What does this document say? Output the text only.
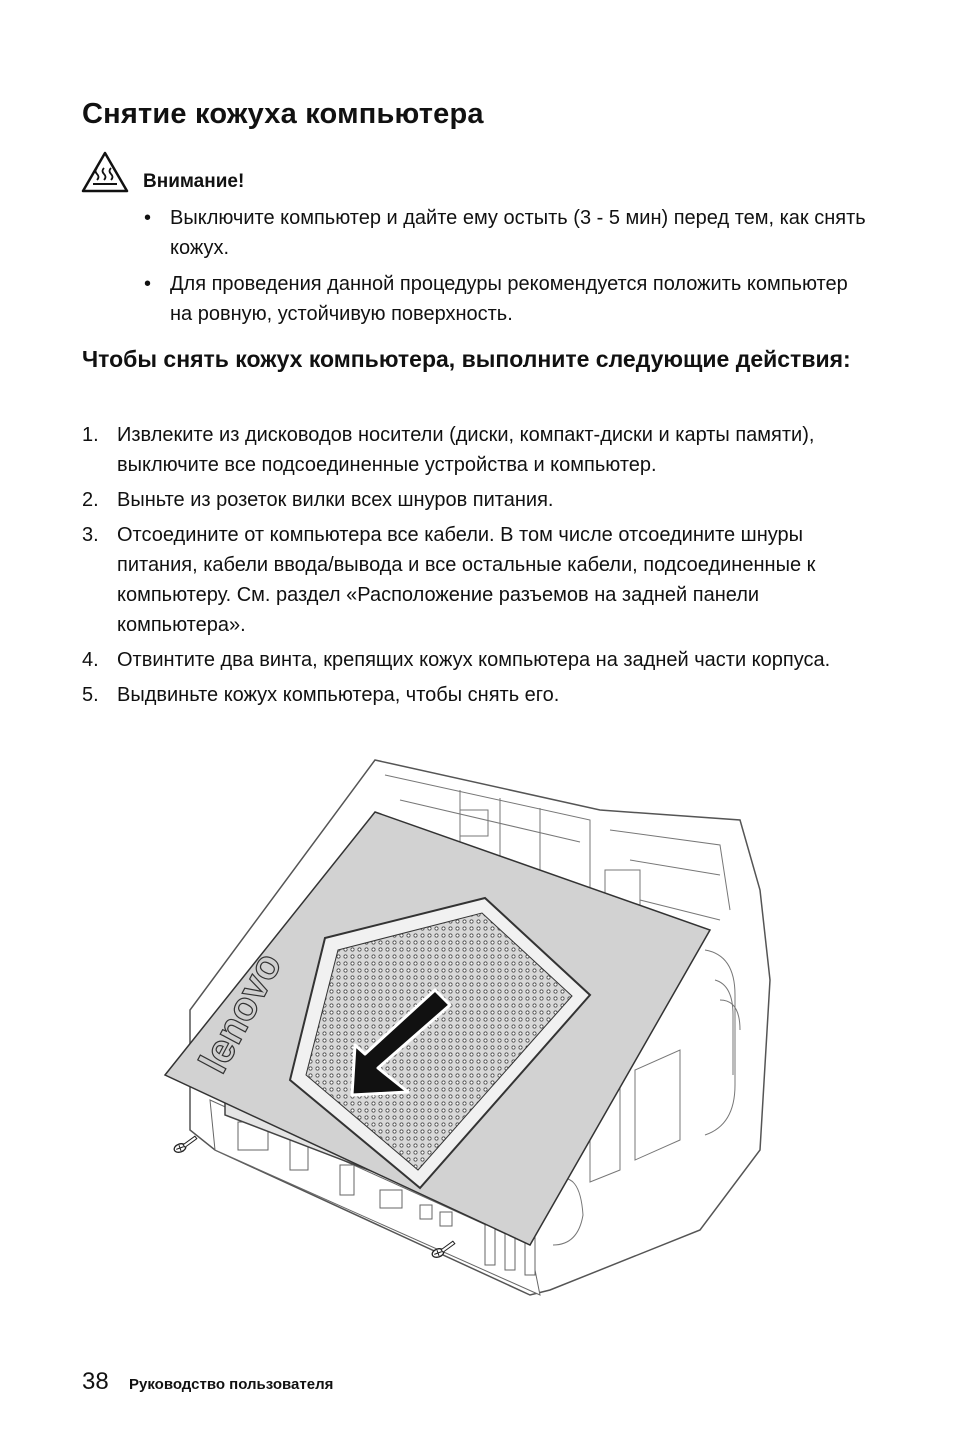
Снятие кожуха компьютера
Внимание!
• Выключите компьютер и дайте ему остыть (3 - 5 мин) перед тем, как снять кожух.
• Для проведения данной процедуры рекомендуется положить компьютер на ровную, устойчивую поверхность.
Чтобы снять кожух компьютера, выполните следующие действия:
1. Извлеките из дисководов носители (диски, компакт-диски и карты памяти), выключите все подсоединенные устройства и компьютер.
2. Выньте из розеток вилки всех шнуров питания.
3. Отсоедините от компьютера все кабели. В том числе отсоедините шнуры питания, кабели ввода/вывода и все остальные кабели, подсоединенные к компьютеру. См. раздел «Расположение разъемов на задней панели компьютера».
4. Отвинтите два винта, крепящих кожух компьютера на задней части корпуса.
5. Выдвиньте кожух компьютера, чтобы снять его.
lenovo
38 Руководство пользователя
